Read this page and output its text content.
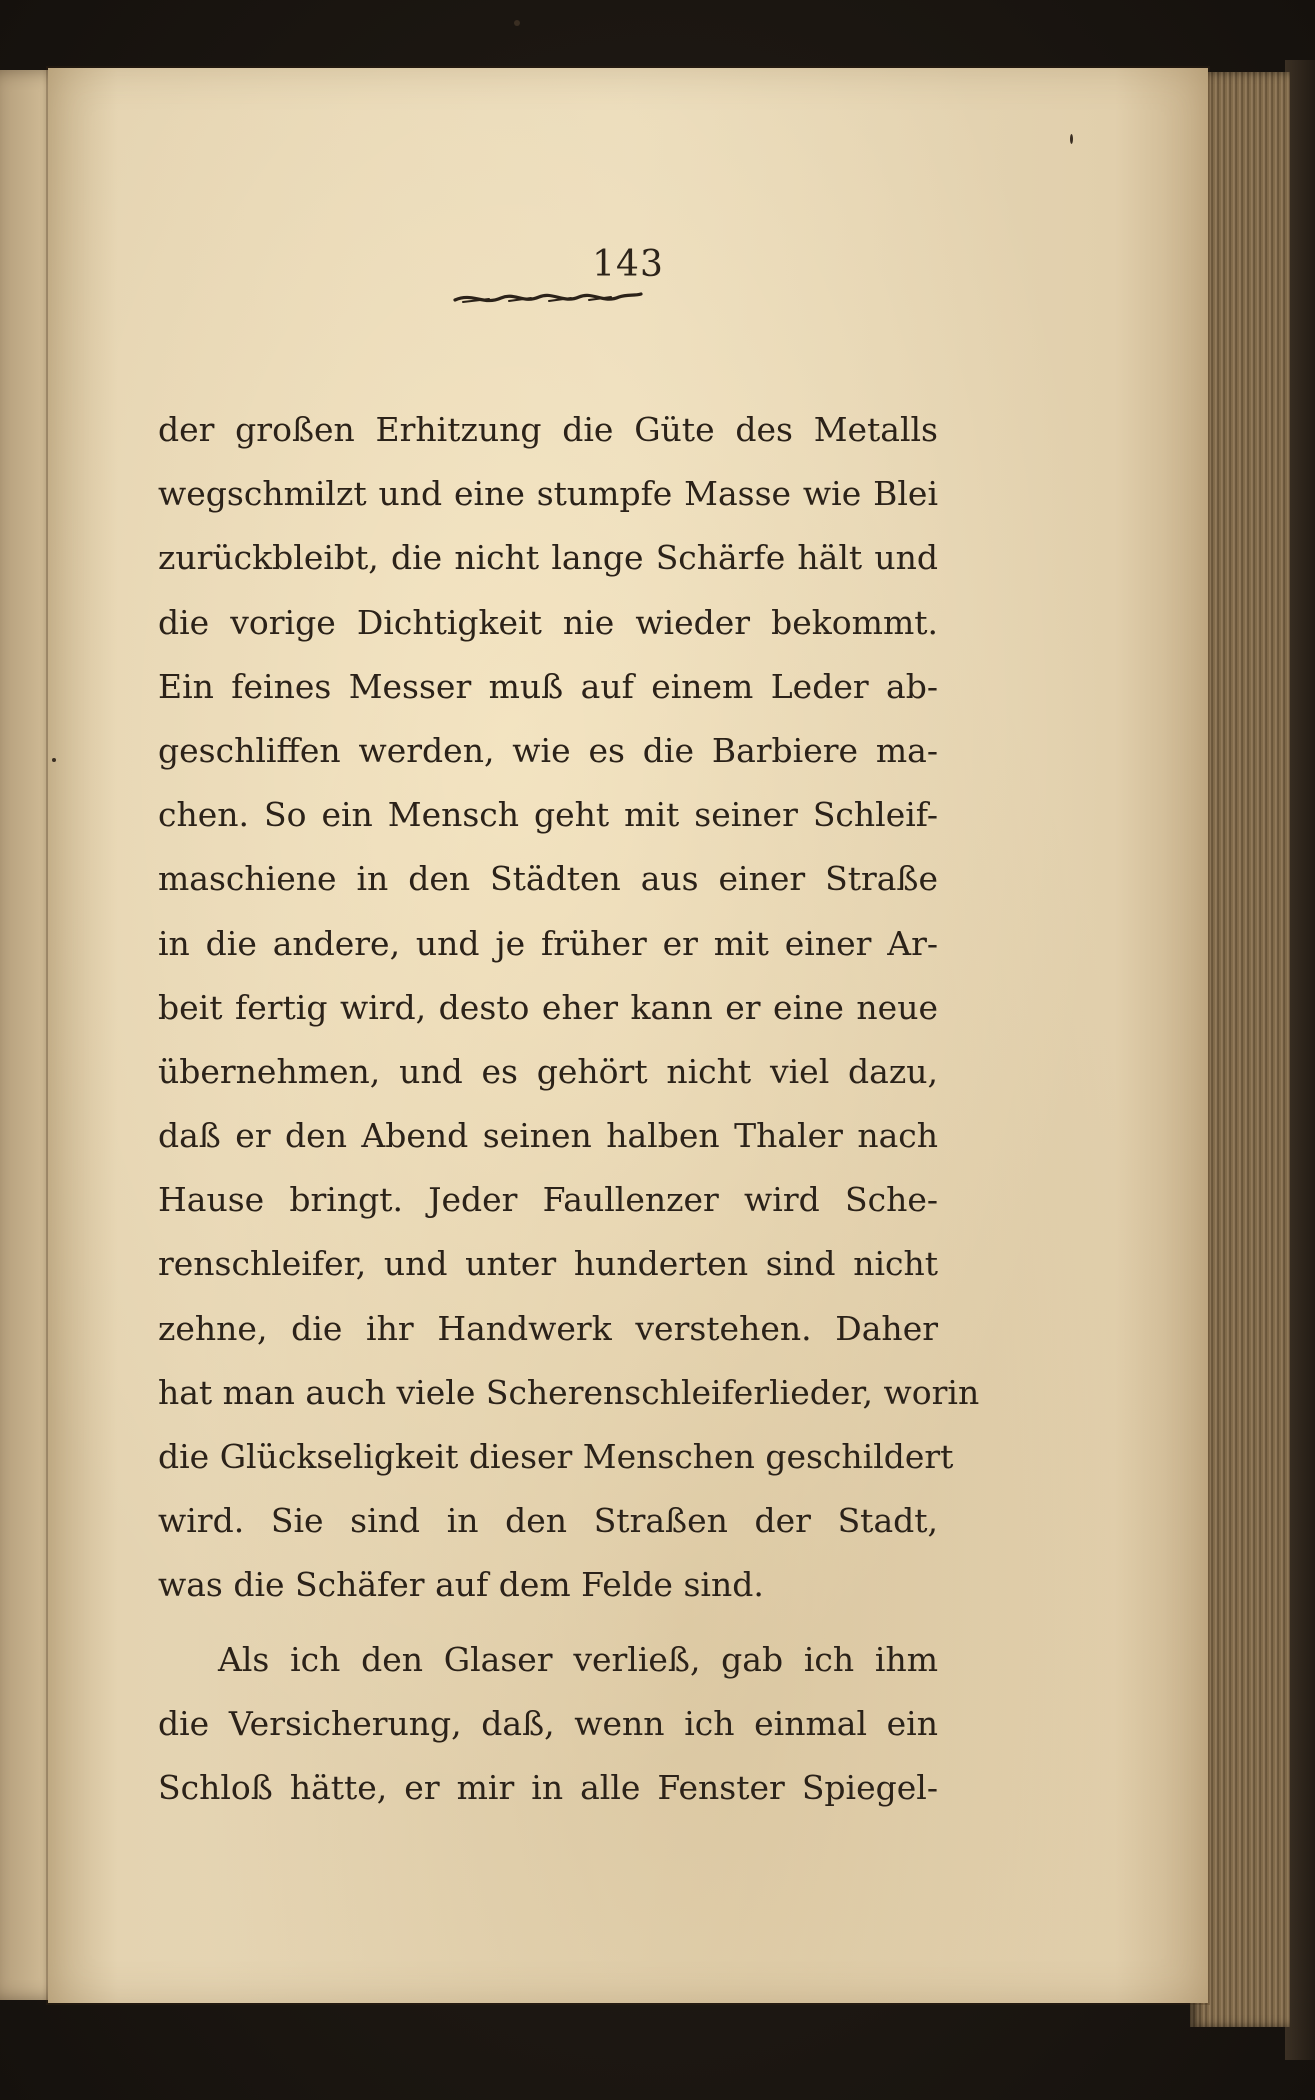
143
der großen Erhitzung die Güte des Metalls
wegschmilzt und eine stumpfe Masse wie Blei
zurückbleibt, die nicht lange Schärfe hält und
die vorige Dichtigkeit nie wieder bekommt.
Ein feines Messer muß auf einem Leder ab-
geschliffen werden, wie es die Barbiere ma-
chen. So ein Mensch geht mit seiner Schleif-
maschiene in den Städten aus einer Straße
in die andere, und je früher er mit einer Ar-
beit fertig wird, desto eher kann er eine neue
übernehmen, und es gehört nicht viel dazu,
daß er den Abend seinen halben Thaler nach
Hause bringt. Jeder Faullenzer wird Sche-
renschleifer, und unter hunderten sind nicht
zehne, die ihr Handwerk verstehen. Daher
hat man auch viele Scherenschleiferlieder, worin
die Glückseligkeit dieser Menschen geschildert
wird. Sie sind in den Straßen der Stadt,
was die Schäfer auf dem Felde sind.
Als ich den Glaser verließ, gab ich ihm
die Versicherung, daß, wenn ich einmal ein
Schloß hätte, er mir in alle Fenster Spiegel-
